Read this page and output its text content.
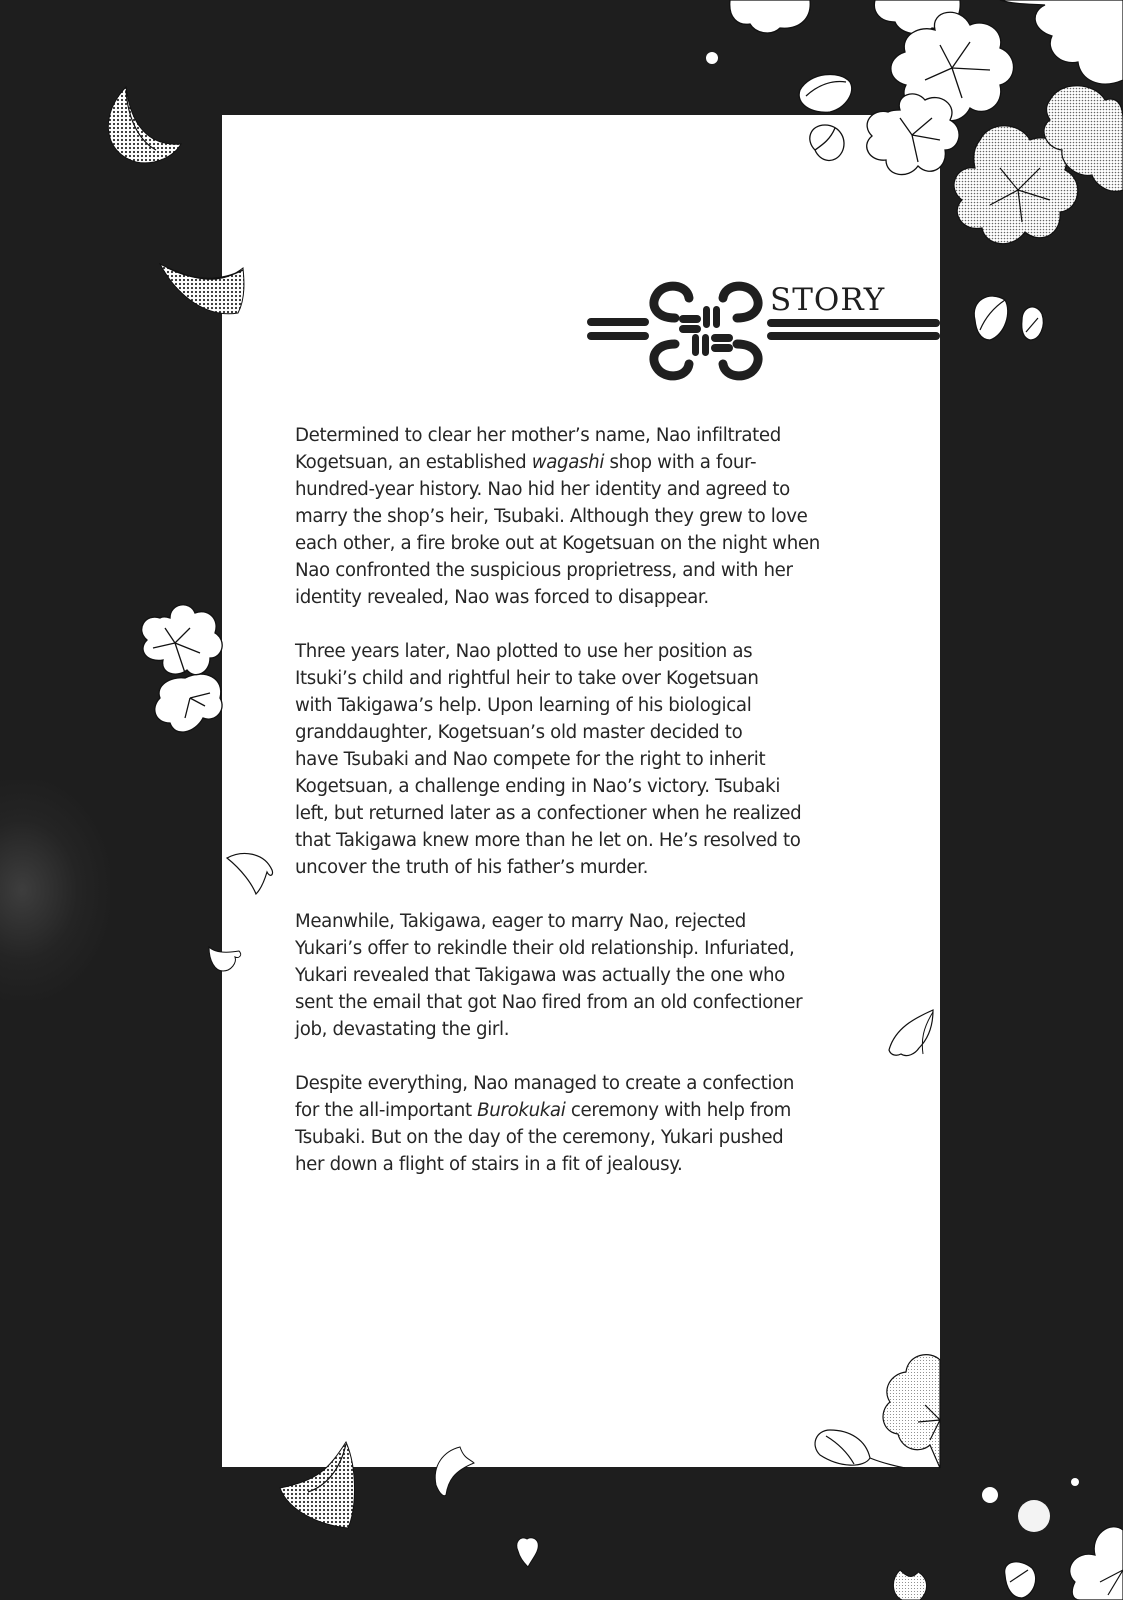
STORY

Determined to clear her mother’s name, Nao infiltrated
Kogetsuan, an established wagashi shop with a four-
hundred-year history. Nao hid her identity and agreed to
marry the shop’s heir, Tsubaki. Although they grew to love
each other, a fire broke out at Kogetsuan on the night when
Nao confronted the suspicious proprietress, and with her
identity revealed, Nao was forced to disappear.

Three years later, Nao plotted to use her position as
Itsuki’s child and rightful heir to take over Kogetsuan
with Takigawa’s help. Upon learning of his biological
granddaughter, Kogetsuan’s old master decided to
have Tsubaki and Nao compete for the right to inherit
Kogetsuan, a challenge ending in Nao’s victory. Tsubaki
left, but returned later as a confectioner when he realized
that Takigawa knew more than he let on. He’s resolved to
uncover the truth of his father’s murder.

Meanwhile, Takigawa, eager to marry Nao, rejected
Yukari’s offer to rekindle their old relationship. Infuriated,
Yukari revealed that Takigawa was actually the one who
sent the email that got Nao fired from an old confectioner
job, devastating the girl.

Despite everything, Nao managed to create a confection
for the all-important Burokukai ceremony with help from
Tsubaki. But on the day of the ceremony, Yukari pushed
her down a flight of stairs in a fit of jealousy.
